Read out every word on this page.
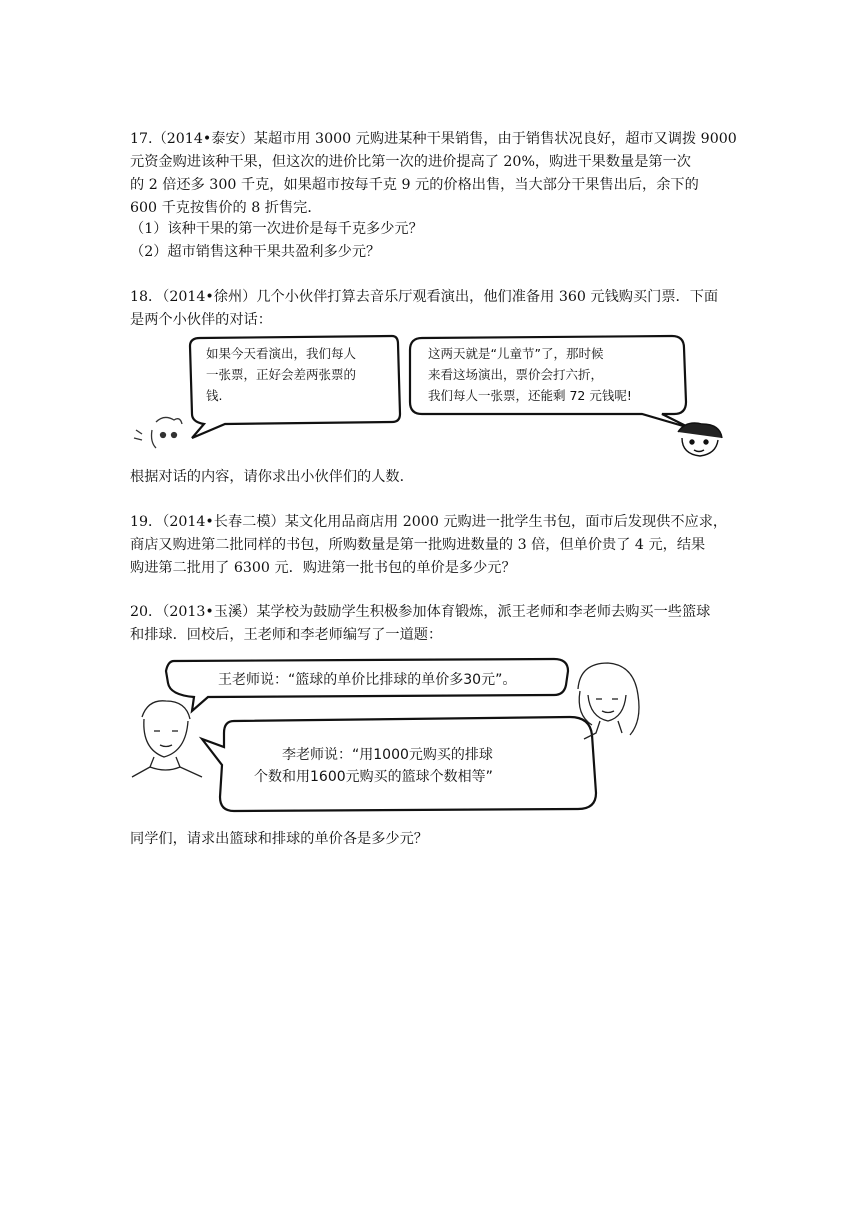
17.（2014•泰安）某超市用 3000 元购进某种干果销售，由于销售状况良好，超市又调拨 9000
元资金购进该种干果，但这次的进价比第一次的进价提高了 20%，购进干果数量是第一次
的 2 倍还多 300 千克，如果超市按每千克 9 元的价格出售，当大部分干果售出后，余下的
600 千克按售价的 8 折售完．
（1）该种干果的第一次进价是每千克多少元？
（2）超市销售这种干果共盈利多少元？
18．（2014•徐州）几个小伙伴打算去音乐厅观看演出，他们准备用 360 元钱购买门票．下面
是两个小伙伴的对话：
如果今天看演出，我们每人
一张票，正好会差两张票的
钱.
这两天就是“儿童节”了，那时候
来看这场演出，票价会打六折，
我们每人一张票，还能剩 72 元钱呢!
根据对话的内容，请你求出小伙伴们的人数．
19．（2014•长春二模）某文化用品商店用 2000 元购进一批学生书包，面市后发现供不应求，
商店又购进第二批同样的书包，所购数量是第一批购进数量的 3 倍，但单价贵了 4 元，结果
购进第二批用了 6300 元．购进第一批书包的单价是多少元？
20．（2013•玉溪）某学校为鼓励学生积极参加体育锻炼，派王老师和李老师去购买一些篮球
和排球．回校后，王老师和李老师编写了一道题：
王老师说：“篮球的单价比排球的单价多30元”。
李老师说：“用1000元购买的排球
个数和用1600元购买的篮球个数相等”
同学们，请求出篮球和排球的单价各是多少元？
